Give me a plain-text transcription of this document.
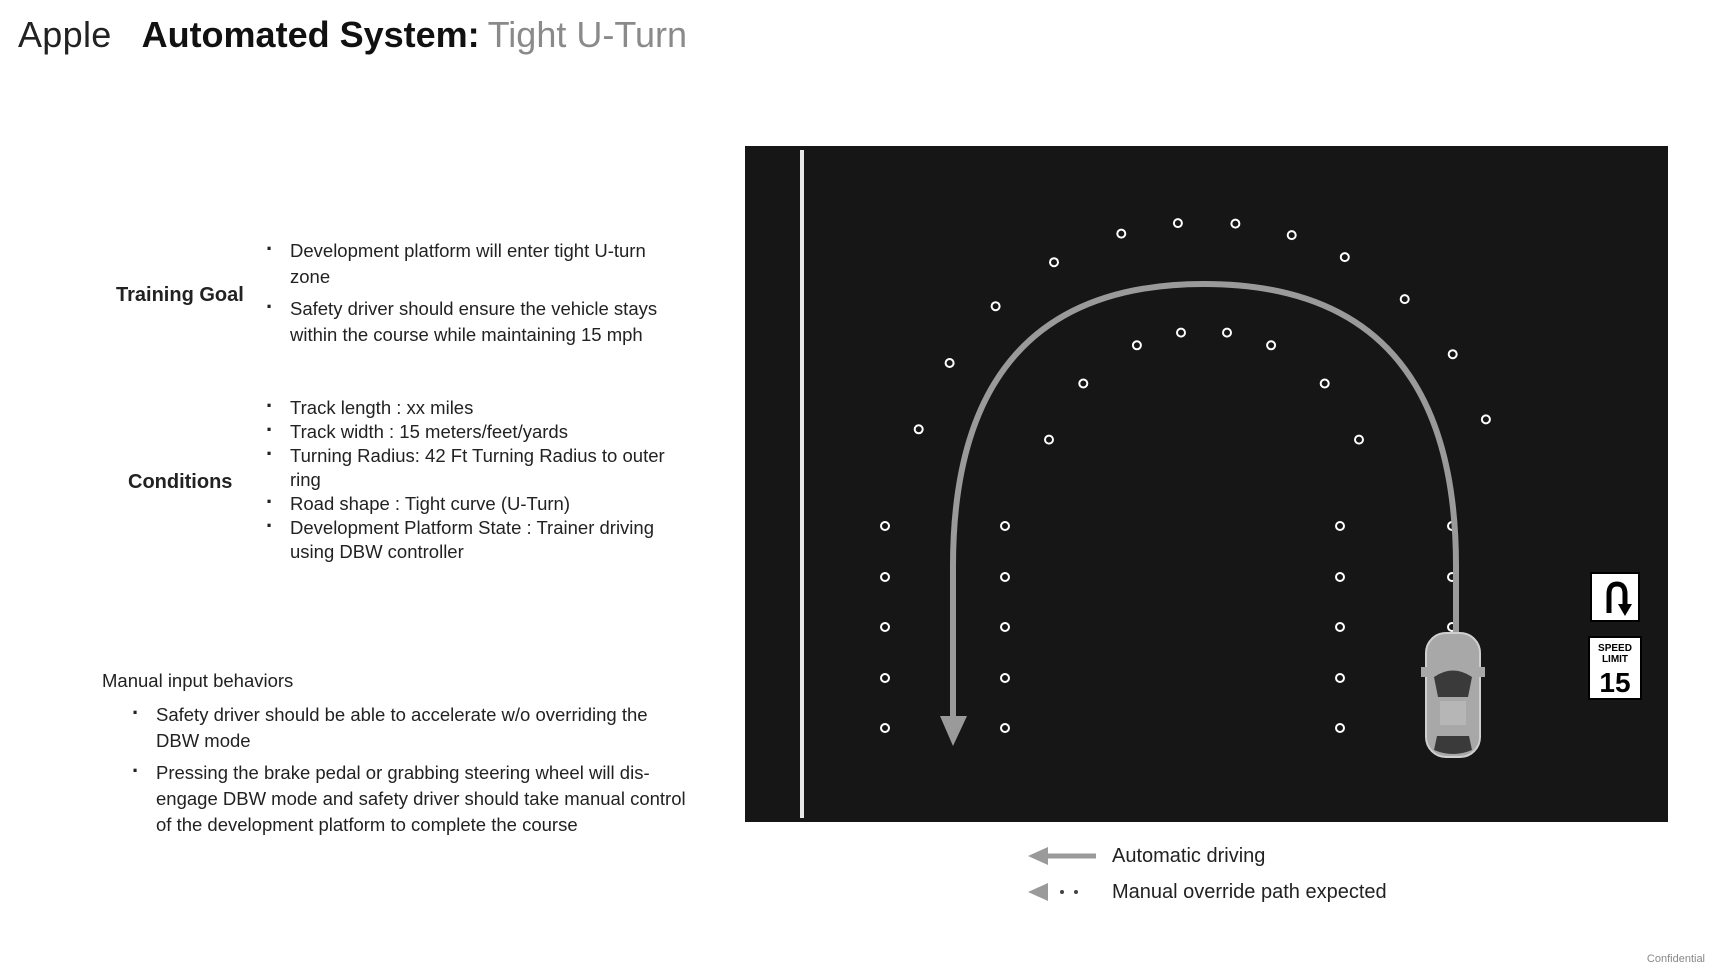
Apple Automated System: Tight U-Turn
Training Goal
· Development platform will enter tight U-turn zone
· Safety driver should ensure the vehicle stays within the course while maintaining 15 mph
Conditions
· Track length : xx miles
· Track width : 15 meters/feet/yards
· Turning Radius: 42 Ft Turning Radius to outer ring
· Road shape : Tight curve (U-Turn)
· Development Platform State : Trainer driving using DBW controller
Manual input behaviors
· Safety driver should be able to accelerate w/o overriding the DBW mode
· Pressing the brake pedal or grabbing steering wheel will dis-engage DBW mode and safety driver should take manual control of the development platform to complete the course
SPEED
LIMIT
15
Automatic driving
Manual override path expected
Confidential
